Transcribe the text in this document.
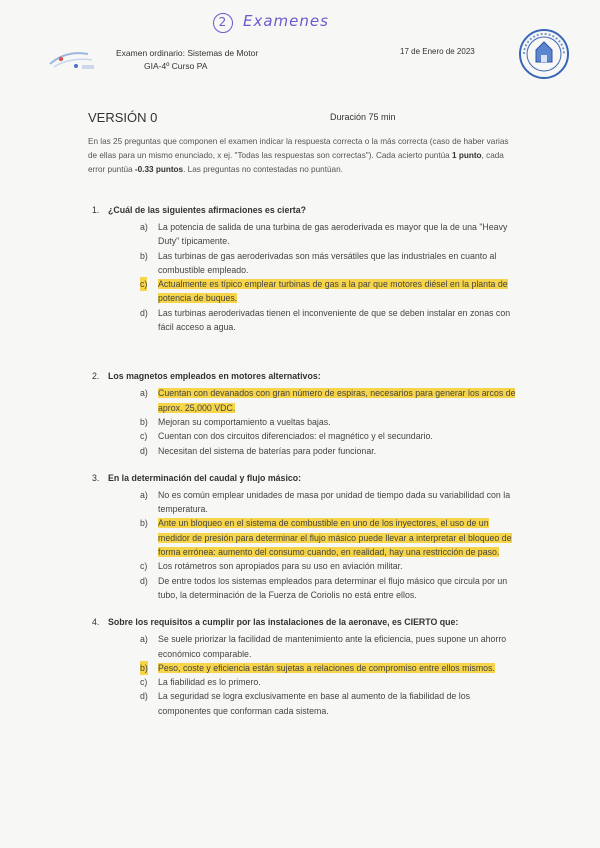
2 Examenes
Examen ordinario: Sistemas de Motor
GIA-4º Curso PA
17 de Enero de 2023
VERSIÓN 0	Duración 75 min
En las 25 preguntas que componen el examen indicar la respuesta correcta o la más correcta (caso de haber varias de ellas para un mismo enunciado, x ej. "Todas las respuestas son correctas"). Cada acierto puntúa 1 punto, cada error puntúa -0.33 puntos. Las preguntas no contestadas no puntúan.
1. ¿Cuál de las siguientes afirmaciones es cierta?
a) La potencia de salida de una turbina de gas aeroderivada es mayor que la de una "Heavy Duty" típicamente.
b) Las turbinas de gas aeroderivadas son más versátiles que las industriales en cuanto al combustible empleado.
c) Actualmente es típico emplear turbinas de gas a la par que motores diésel en la planta de potencia de buques.
d) Las turbinas aeroderivadas tienen el inconveniente de que se deben instalar en zonas con fácil acceso a agua.
2. Los magnetos empleados en motores alternativos:
a) Cuentan con devanados con gran número de espiras, necesarios para generar los arcos de aprox. 25,000 VDC.
b) Mejoran su comportamiento a vueltas bajas.
c) Cuentan con dos circuitos diferenciados: el magnético y el secundario.
d) Necesitan del sistema de baterías para poder funcionar.
3. En la determinación del caudal y flujo másico:
a) No es común emplear unidades de masa por unidad de tiempo dada su variabilidad con la temperatura.
b) Ante un bloqueo en el sistema de combustible en uno de los inyectores, el uso de un medidor de presión para determinar el flujo másico puede llevar a interpretar el bloqueo de forma errónea: aumento del consumo cuando, en realidad, hay una restricción de paso.
c) Los rotámetros son apropiados para su uso en aviación militar.
d) De entre todos los sistemas empleados para determinar el flujo másico que circula por un tubo, la determinación de la Fuerza de Coriolis no está entre ellos.
4. Sobre los requisitos a cumplir por las instalaciones de la aeronave, es CIERTO que:
a) Se suele priorizar la facilidad de mantenimiento ante la eficiencia, pues supone un ahorro económico comparable.
b) Peso, coste y eficiencia están sujetas a relaciones de compromiso entre ellos mismos.
c) La fiabilidad es lo primero.
d) La seguridad se logra exclusivamente en base al aumento de la fiabilidad de los componentes que conforman cada sistema.
